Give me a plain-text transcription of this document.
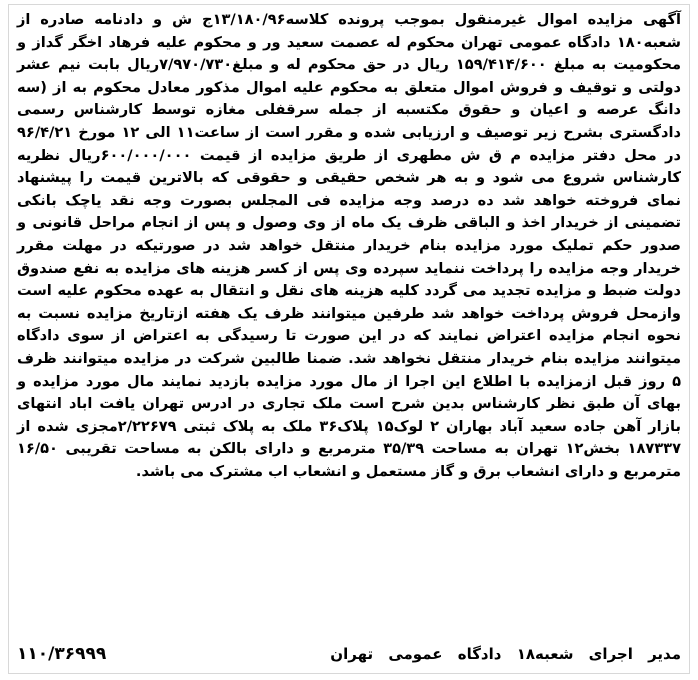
آگهی مزایده اموال غیرمنقول بموجب پرونده کلاسه۱۳/۱۸۰/۹۶ج ش و دادنامه صادره از شعبه۱۸۰ دادگاه عمومی تهران محکوم له عصمت سعید ور و محکوم علیه فرهاد اخگر گداز و محکومیت به مبلغ ۱۵۹/۴۱۴/۶۰۰ ریال در حق محکوم له و مبلغ۷/۹۷۰/۷۳۰ریال بابت نیم عشر دولتی و توقیف و فروش اموال متعلق به محکوم علیه اموال مذکور معادل محکوم به از (سه دانگ عرصه و اعیان و حقوق مکتسبه از جمله سرقفلی مغازه توسط کارشناس رسمی دادگستری بشرح زیر توصیف و ارزیابی شده و مقرر است از ساعت۱۱ الی ۱۲ مورخ ۹۶/۴/۲۱ در محل دفتر مزایده م ق ش مطهری از طریق مزایده از قیمت ۶۰۰/۰۰۰/۰۰۰ریال نظریه کارشناس شروع می شود و به هر شخص حقیقی و حقوقی که بالاترین قیمت را پیشنهاد نمای فروخته خواهد شد ده درصد وجه مزایده فی المجلس بصورت وجه نقد یاچک بانکی تضمینی از خریدار اخذ و الباقی ظرف یک ماه از وی وصول و پس از انجام مراحل قانونی و صدور حکم تملیک مورد مزایده بنام خریدار منتقل خواهد شد در صورتیکه در مهلت مقرر خریدار وجه مزایده را پرداخت ننماید سپرده وی پس از کسر هزینه های مزایده به نفع صندوق دولت ضبط و مزایده تجدید می گردد کلیه هزینه های نقل و انتقال به عهده محکوم علیه است وازمحل فروش پرداخت خواهد شد طرفین میتوانند ظرف یک هفته ازتاریخ مزایده نسبت به نحوه انجام مزایده اعتراض نمایند که در این صورت تا رسیدگی به اعتراض از سوی دادگاه میتوانند مزایده بنام خریدار منتقل نخواهد شد. ضمنا طالبین شرکت در مزایده میتوانند ظرف ۵ روز قبل ازمزایده با اطلاع این اجرا از مال مورد مزایده بازدید نمایند مال مورد مزایده و بهای آن طبق نظر کارشناس بدین شرح است ملک تجاری در ادرس تهران یافت اباد انتهای بازار آهن جاده سعید آباد بهاران ۲ لوک۱۵ پلاک۳۶ ملک به پلاک ثبتی ۲/۲۲۶۷۹مجزی شده از ۱۸۷۳۳۷ بخش۱۲ تهران به مساحت ۳۵/۳۹ مترمربع و دارای بالکن به مساحت تقریبی ۱۶/۵۰ مترمربع و دارای انشعاب برق و گاز مستعمل و انشعاب اب مشترک می باشد.

مدیر اجرای شعبه۱۸ دادگاه عمومی تهران
۱۱۰/۳۶۹۹۹
